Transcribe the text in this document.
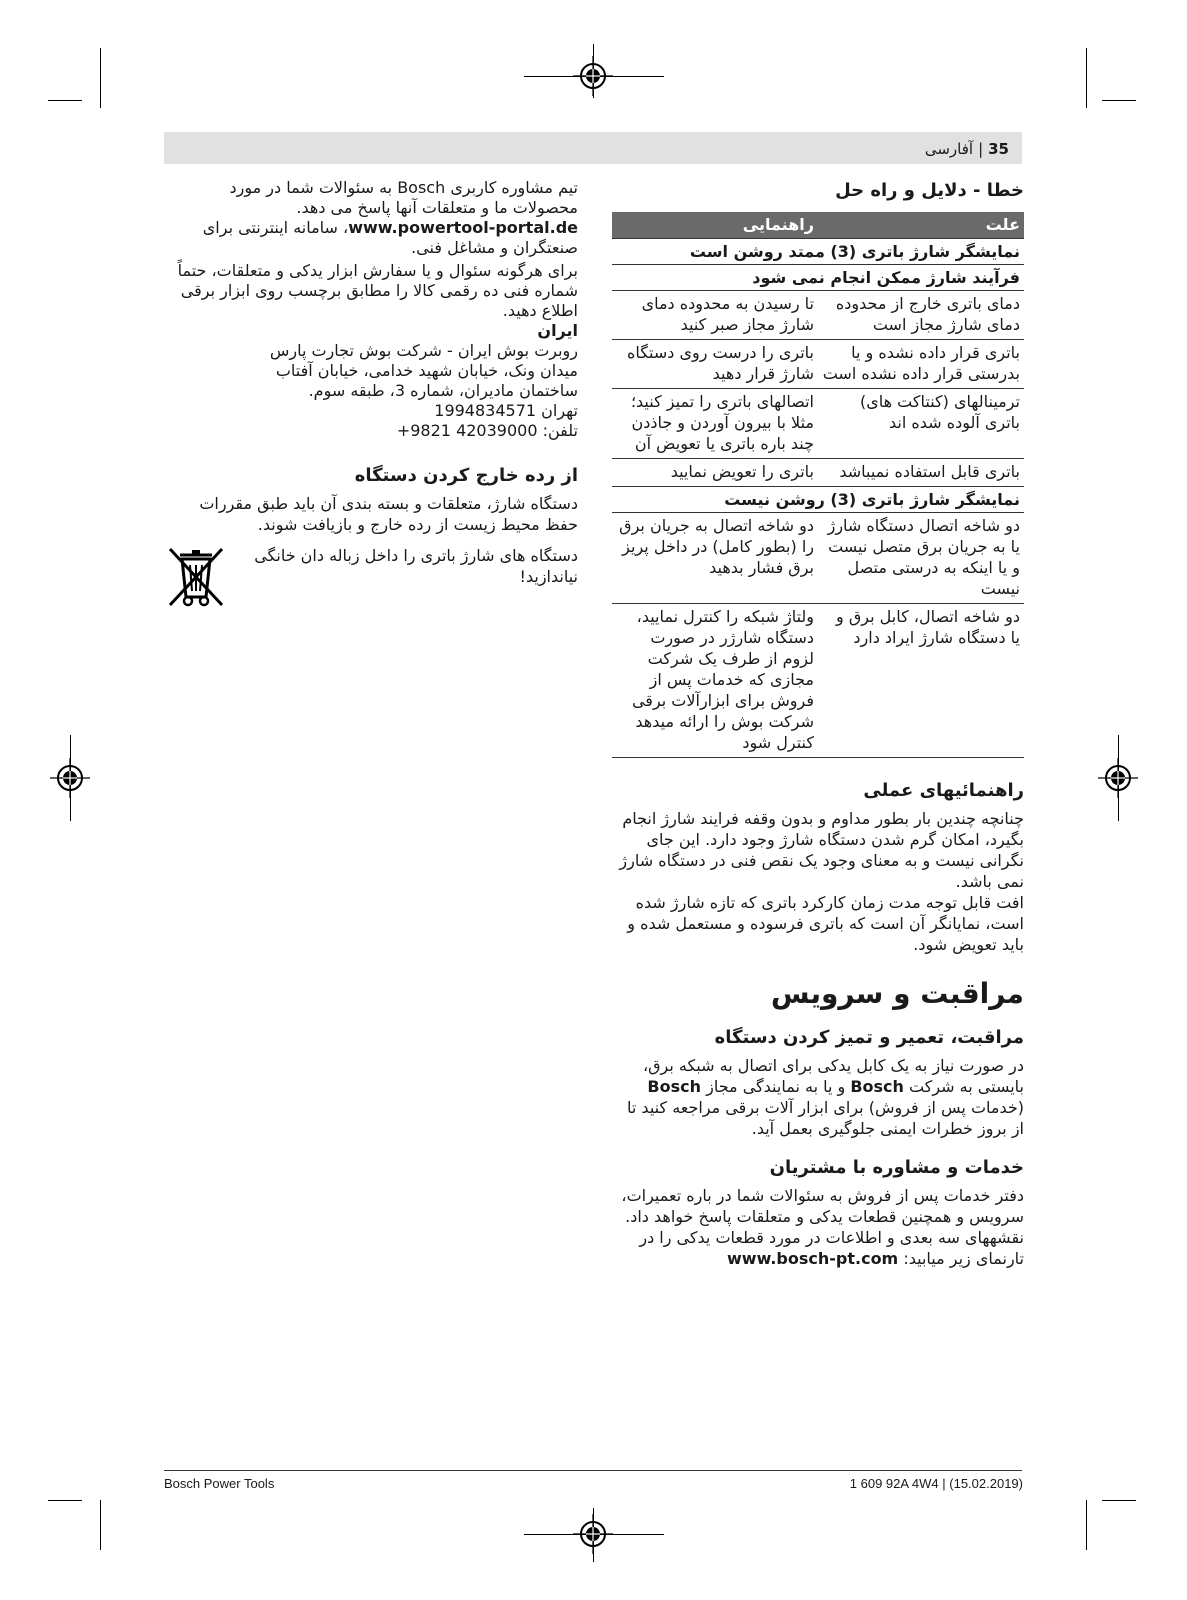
35
|
آفارسی
خطا - دلایل و راه حل
علت	راهنمایی
نمایشگر شارژ باتری (3) ممتد روشن است	
فرآیند شارژ ممکن انجام نمی شود	
دمای باتری خارج از محدوده دمای شارژ مجاز است	تا رسیدن به محدوده دمای شارژ مجاز صبر کنید
باتری قرار داده نشده و یا بدرستی قرار داده نشده است	باتری را درست روی دستگاه شارژ قرار دهید
ترمینالهای (کنتاکت های) باتری آلوده شده اند	اتصالهای باتری را تمیز کنید؛ مثلا با بیرون آوردن و جاذدن چند باره باتری یا تعویض آن
باتری قابل استفاده نمیباشد	باتری را تعویض نمایید
نمایشگر شارژ باتری (3) روشن نیست	
دو شاخه اتصال دستگاه شارژ یا به جریان برق متصل نیست و یا اینکه به درستی متصل نیست	دو شاخه اتصال به جریان برق را (بطور کامل) در داخل پریز برق فشار بدهید
دو شاخه اتصال، کابل برق و یا دستگاه شارژ ایراد دارد	ولتاژ شبکه را کنترل نمایید، دستگاه شارژر در صورت لزوم از طرف یک شرکت مجازی که خدمات پس از فروش برای ابزارآلات برقی شرکت بوش را ارائه میدهد کنترل شود
راهنمائیهای عملی

چنانچه چندین بار بطور مداوم و بدون وقفه فرایند شارژ انجام بگیرد، امکان گرم شدن دستگاه شارژ وجود دارد. این جای نگرانی نیست و به معنای وجود یک نقص فنی در دستگاه شارژ نمی باشد.

افت قابل توجه مدت زمان کارکرد باتری که تازه شارژ شده است، نمایانگر آن است که باتری فرسوده و مستعمل شده و باید تعویض شود.

مراقبت و سرویس
مراقبت، تعمیر و تمیز کردن دستگاه

در صورت نیاز به یک کابل یدکی برای اتصال به شبکه برق، بایستی به شرکت Bosch و یا به نمایندگی مجاز Bosch (خدمات پس از فروش) برای ابزار آلات برقی مراجعه کنید تا از بروز خطرات ایمنی جلوگیری بعمل آید.

خدمات و مشاوره با مشتریان

دفتر خدمات پس از فروش به سئوالات شما در باره تعمیرات، سرویس و همچنین قطعات یدکی و متعلقات پاسخ خواهد داد. نقشههای سه بعدی و اطلاعات در مورد قطعات یدکی را در تارنمای زیر میابید: www.bosch-pt.com

تیم مشاوره کاربری Bosch به سئوالات شما در مورد محصولات ما و متعلقات آنها پاسخ می دهد.

www.powertool-portal.de، سامانه اینترنتی برای صنعتگران و مشاغل فنی.

برای هرگونه سئوال و یا سفارش ابزار یدکی و متعلقات، حتماً شماره فنی ده رقمی کالا را مطابق برچسب روی ابزار برقی اطلاع دهید.

ایران

روبرت بوش ایران - شرکت بوش تجارت پارس

میدان ونک، خیابان شهید خدامی، خیابان آفتاب

ساختمان مادیران، شماره 3، طبقه سوم.

تهران 1994834571

تلفن: 42039000 9821+

از رده خارج کردن دستگاه

دستگاه شارژ، متعلقات و بسته بندی آن باید طبق مقررات حفظ محیط زیست از رده خارج و بازیافت شوند.

دستگاه های شارژ باتری را داخل زباله دان خانگی نیاندازید!

Bosch Power Tools	1 609 92A 4W4 | (15.02.2019)
